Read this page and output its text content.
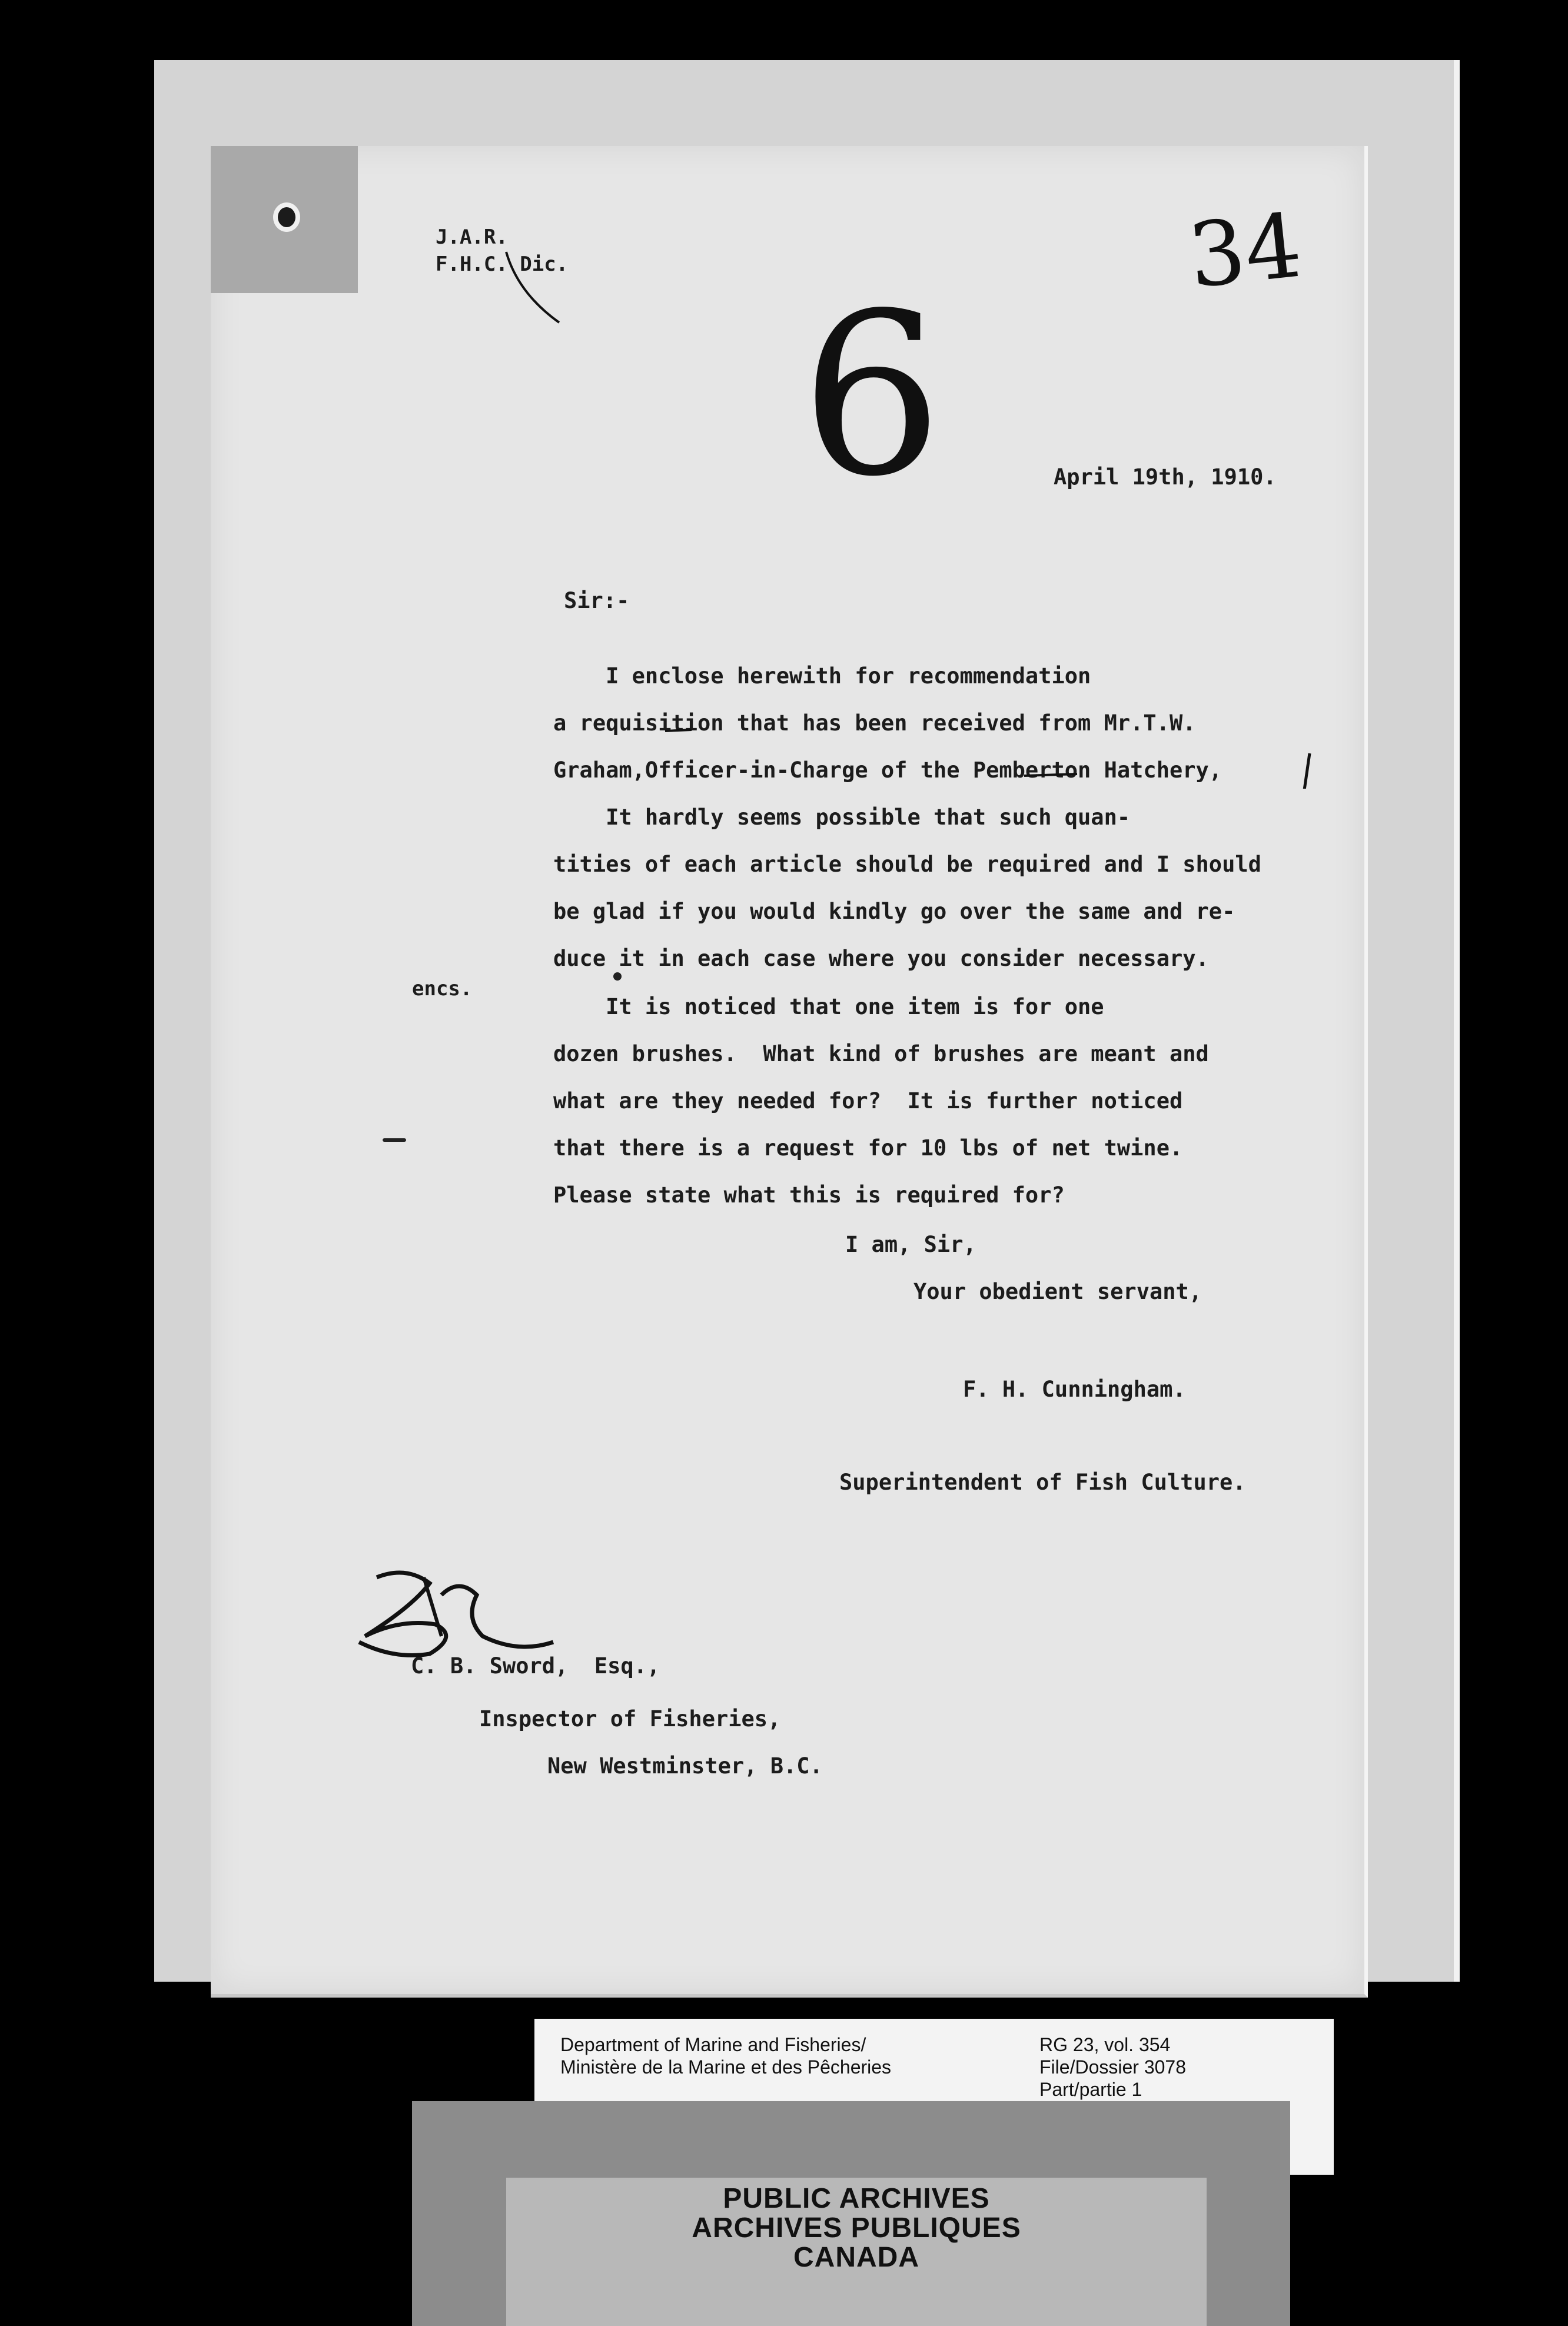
J.A.R.
F.H.C. Dic.	34
6	April 19th, 1910.
Sir:-
I enclose herewith for recommendation
a requisition that has been received from Mr.T.W.
Graham,Officer-in-Charge of the Pemberton Hatchery,
It hardly seems possible that such quan-
tities of each article should be required and I should
be glad if you would kindly go over the same and re-
duce it in each case where you consider necessary.
It is noticed that one item is for one
dozen brushes.  What kind of brushes are meant and
what are they needed for?  It is further noticed
that there is a request for 10 lbs of net twine.
Please state what this is required for?
encs.
I am, Sir,
Your obedient servant,
F. H. Cunningham.
Superintendent of Fish Culture.
C. B. Sword,  Esq.,
Inspector of Fisheries,
New Westminster, B.C.
Department of Marine and Fisheries/
Ministère de la Marine et des Pêcheries
RG 23, vol. 354
File/Dossier 3078
Part/partie 1
PUBLIC ARCHIVES
ARCHIVES PUBLIQUES
CANADA
